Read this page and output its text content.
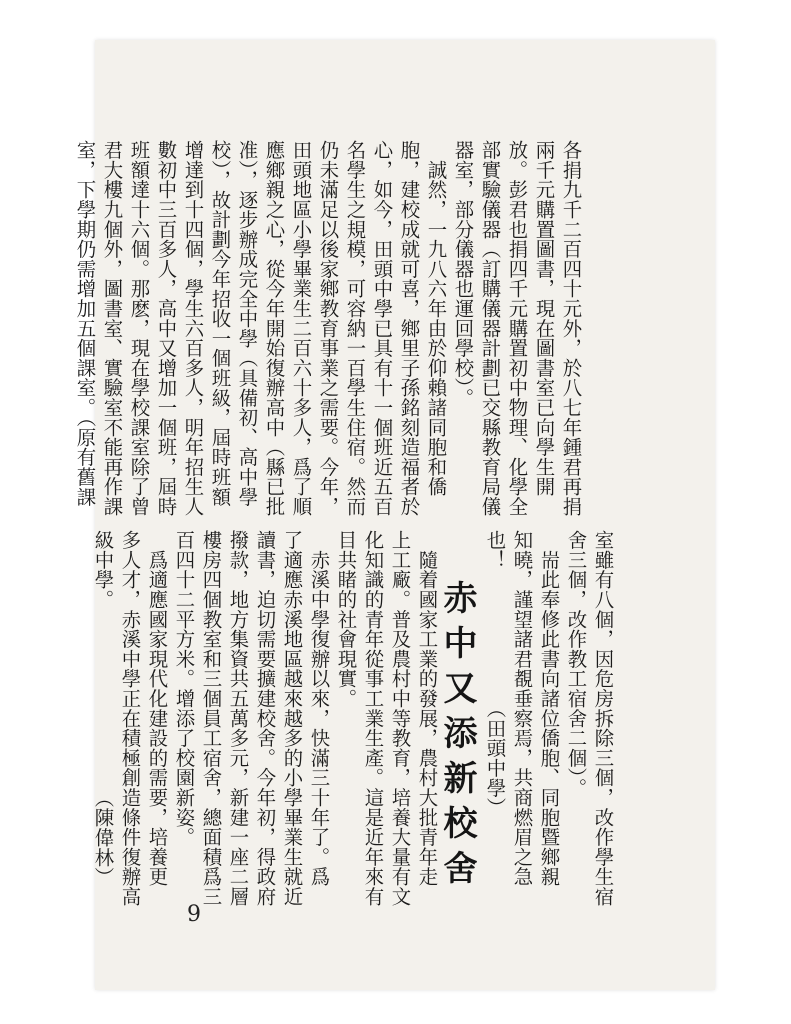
各捐九千二百四十元外，於八七年鍾君再捐
兩千元購置圖書，現在圖書室已向學生開
放。彭君也捐四千元購置初中物理、化學全
部實驗儀器（訂購儀器計劃已交縣教育局儀
器室，部分儀器也運回學校）。
　誠然，一九八六年由於仰賴諸同胞和僑
胞，建校成就可喜，鄉里子孫銘刻造福者於
心，如今，田頭中學已具有十一個班近五百
名學生之規模，可容納一百學生住宿。然而
仍未滿足以後家鄉教育事業之需要。今年，
田頭地區小學畢業生二百六十多人，爲了順
應鄉親之心，從今年開始復辦高中（縣已批
准），逐步辦成完全中學（具備初、高中學
校），故計劃今年招收一個班級，屆時班額
增達到十四個，學生六百多人，明年招生人
數初中三百多人，高中又增加一個班，屆時
班額達十六個。那麽，現在學校課室除了曾
君大樓九個外，圖書室、實驗室不能再作課
室，下學期仍需增加五個課室。（原有舊課
室雖有八個，因危房拆除三個，改作學生宿
舍三個，改作教工宿舍二個）。
　耑此奉修此書向諸位僑胞、同胞暨鄉親
知曉，謹望諸君覩垂察焉，共商燃眉之急
也！　　　　　　　（田頭中學）
赤中又添新校舍
　隨着國家工業的發展，農村大批青年走
上工廠。普及農村中等教育，培養大量有文
化知識的青年從事工業生產。這是近年來有
目共睹的社會現實。
　赤溪中學復辦以來，快滿三十年了。爲
了適應赤溪地區越來越多的小學畢業生就近
讀書，迫切需要擴建校舍。今年初，得政府
撥款，地方集資共五萬多元，新建一座二層
樓房四個教室和三個員工宿舍，總面積爲三
百四十二平方米。增添了校園新姿。
　爲適應國家現代化建設的需要，培養更
多人才，赤溪中學正在積極創造條件復辦高
級中學。　　　　　　　　　　（陳偉林）
9
